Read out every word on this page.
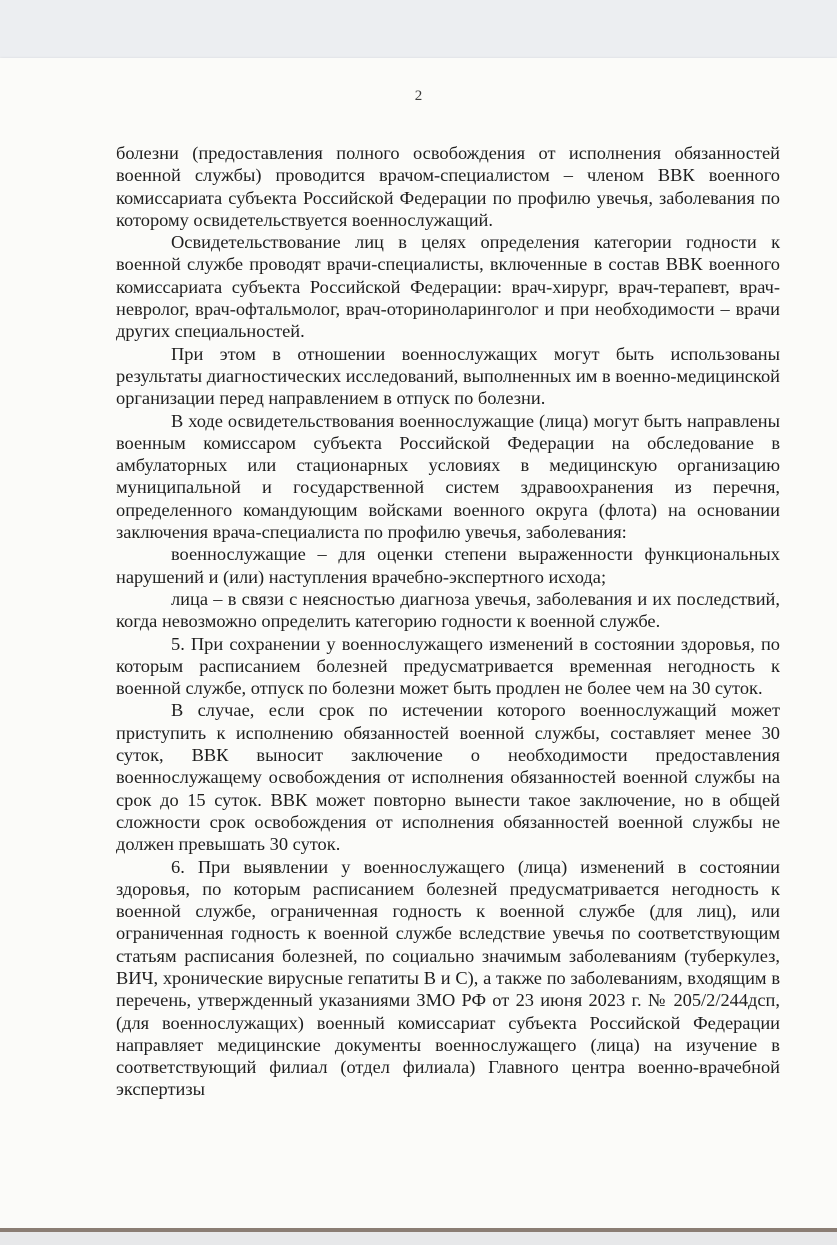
2

болезни (предоставления полного освобождения от исполнения обязанностей военной службы) проводится врачом-специалистом – членом ВВК военного комиссариата субъекта Российской Федерации по профилю увечья, заболевания по которому освидетельствуется военнослужащий.

Освидетельствование лиц в целях определения категории годности к военной службе проводят врачи-специалисты, включенные в состав ВВК военного комиссариата субъекта Российской Федерации: врач-хирург, врач-терапевт, врач-невролог, врач-офтальмолог, врач-оториноларинголог и при необходимости – врачи других специальностей.

При этом в отношении военнослужащих могут быть использованы результаты диагностических исследований, выполненных им в военно-медицинской организации перед направлением в отпуск по болезни.

В ходе освидетельствования военнослужащие (лица) могут быть направлены военным комиссаром субъекта Российской Федерации на обследование в амбулаторных или стационарных условиях в медицинскую организацию муниципальной и государственной систем здравоохранения из перечня, определенного командующим войсками военного округа (флота) на основании заключения врача-специалиста по профилю увечья, заболевания:

военнослужащие – для оценки степени выраженности функциональных нарушений и (или) наступления врачебно-экспертного исхода;

лица – в связи с неясностью диагноза увечья, заболевания и их последствий, когда невозможно определить категорию годности к военной службе.

5. При сохранении у военнослужащего изменений в состоянии здоровья, по которым расписанием болезней предусматривается временная негодность к военной службе, отпуск по болезни может быть продлен не более чем на 30 суток.

В случае, если срок по истечении которого военнослужащий может приступить к исполнению обязанностей военной службы, составляет менее 30 суток, ВВК выносит заключение о необходимости предоставления военнослужащему освобождения от исполнения обязанностей военной службы на срок до 15 суток. ВВК может повторно вынести такое заключение, но в общей сложности срок освобождения от исполнения обязанностей военной службы не должен превышать 30 суток.

6. При выявлении у военнослужащего (лица) изменений в состоянии здоровья, по которым расписанием болезней предусматривается негодность к военной службе, ограниченная годность к военной службе (для лиц), или ограниченная годность к военной службе вследствие увечья по соответствующим статьям расписания болезней, по социально значимым заболеваниям (туберкулез, ВИЧ, хронические вирусные гепатиты В и С), а также по заболеваниям, входящим в перечень, утвержденный указаниями ЗМО РФ от 23 июня 2023 г. № 205/2/244дсп, (для военнослужащих) военный комиссариат субъекта Российской Федерации направляет медицинские документы военнослужащего (лица) на изучение в соответствующий филиал (отдел филиала) Главного центра военно-врачебной экспертизы
